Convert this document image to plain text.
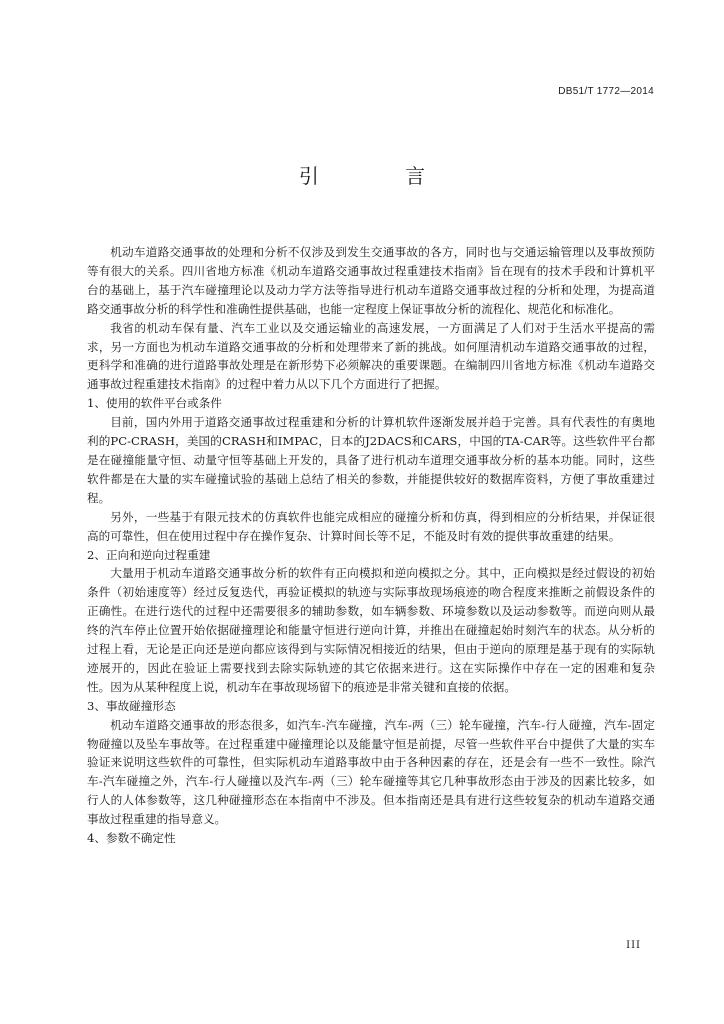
DB51/T 1772—2014
引 言

机动车道路交通事故的处理和分析不仅涉及到发生交通事故的各方，同时也与交通运输管理以及事故预防等有很大的关系。四川省地方标准《机动车道路交通事故过程重建技术指南》旨在现有的技术手段和计算机平台的基础上，基于汽车碰撞理论以及动力学方法等指导进行机动车道路交通事故过程的分析和处理，为提高道路交通事故分析的科学性和准确性提供基础，也能一定程度上保证事故分析的流程化、规范化和标准化。

我省的机动车保有量、汽车工业以及交通运输业的高速发展，一方面满足了人们对于生活水平提高的需求，另一方面也为机动车道路交通事故的分析和处理带来了新的挑战。如何厘清机动车道路交通事故的过程，更科学和准确的进行道路事故处理是在新形势下必须解决的重要课题。在编制四川省地方标准《机动车道路交通事故过程重建技术指南》的过程中着力从以下几个方面进行了把握。

1、使用的软件平台或条件

目前，国内外用于道路交通事故过程重建和分析的计算机软件逐渐发展并趋于完善。具有代表性的有奥地利的PC-CRASH，美国的CRASH和IMPAC，日本的J2DACS和CARS，中国的TA-CAR等。这些软件平台都是在碰撞能量守恒、动量守恒等基础上开发的，具备了进行机动车道理交通事故分析的基本功能。同时，这些软件都是在大量的实车碰撞试验的基础上总结了相关的参数，并能提供较好的数据库资料，方便了事故重建过程。

另外，一些基于有限元技术的仿真软件也能完成相应的碰撞分析和仿真，得到相应的分析结果，并保证很高的可靠性，但在使用过程中存在操作复杂、计算时间长等不足，不能及时有效的提供事故重建的结果。

2、正向和逆向过程重建

大量用于机动车道路交通事故分析的软件有正向模拟和逆向模拟之分。其中，正向模拟是经过假设的初始条件（初始速度等）经过反复迭代，再验证模拟的轨迹与实际事故现场痕迹的吻合程度来推断之前假设条件的正确性。在进行迭代的过程中还需要很多的辅助参数，如车辆参数、环境参数以及运动参数等。而逆向则从最终的汽车停止位置开始依据碰撞理论和能量守恒进行逆向计算，并推出在碰撞起始时刻汽车的状态。从分析的过程上看，无论是正向还是逆向都应该得到与实际情况相接近的结果，但由于逆向的原理是基于现有的实际轨迹展开的，因此在验证上需要找到去除实际轨迹的其它依据来进行。这在实际操作中存在一定的困难和复杂性。因为从某种程度上说，机动车在事故现场留下的痕迹是非常关键和直接的依据。

3、事故碰撞形态

机动车道路交通事故的形态很多，如汽车-汽车碰撞，汽车-两（三）轮车碰撞，汽车-行人碰撞，汽车-固定物碰撞以及坠车事故等。在过程重建中碰撞理论以及能量守恒是前提，尽管一些软件平台中提供了大量的实车验证来说明这些软件的可靠性，但实际机动车道路事故中由于各种因素的存在，还是会有一些不一致性。除汽车-汽车碰撞之外，汽车-行人碰撞以及汽车-两（三）轮车碰撞等其它几种事故形态由于涉及的因素比较多，如行人的人体参数等，这几种碰撞形态在本指南中不涉及。但本指南还是具有进行这些较复杂的机动车道路交通事故过程重建的指导意义。

4、参数不确定性

III
